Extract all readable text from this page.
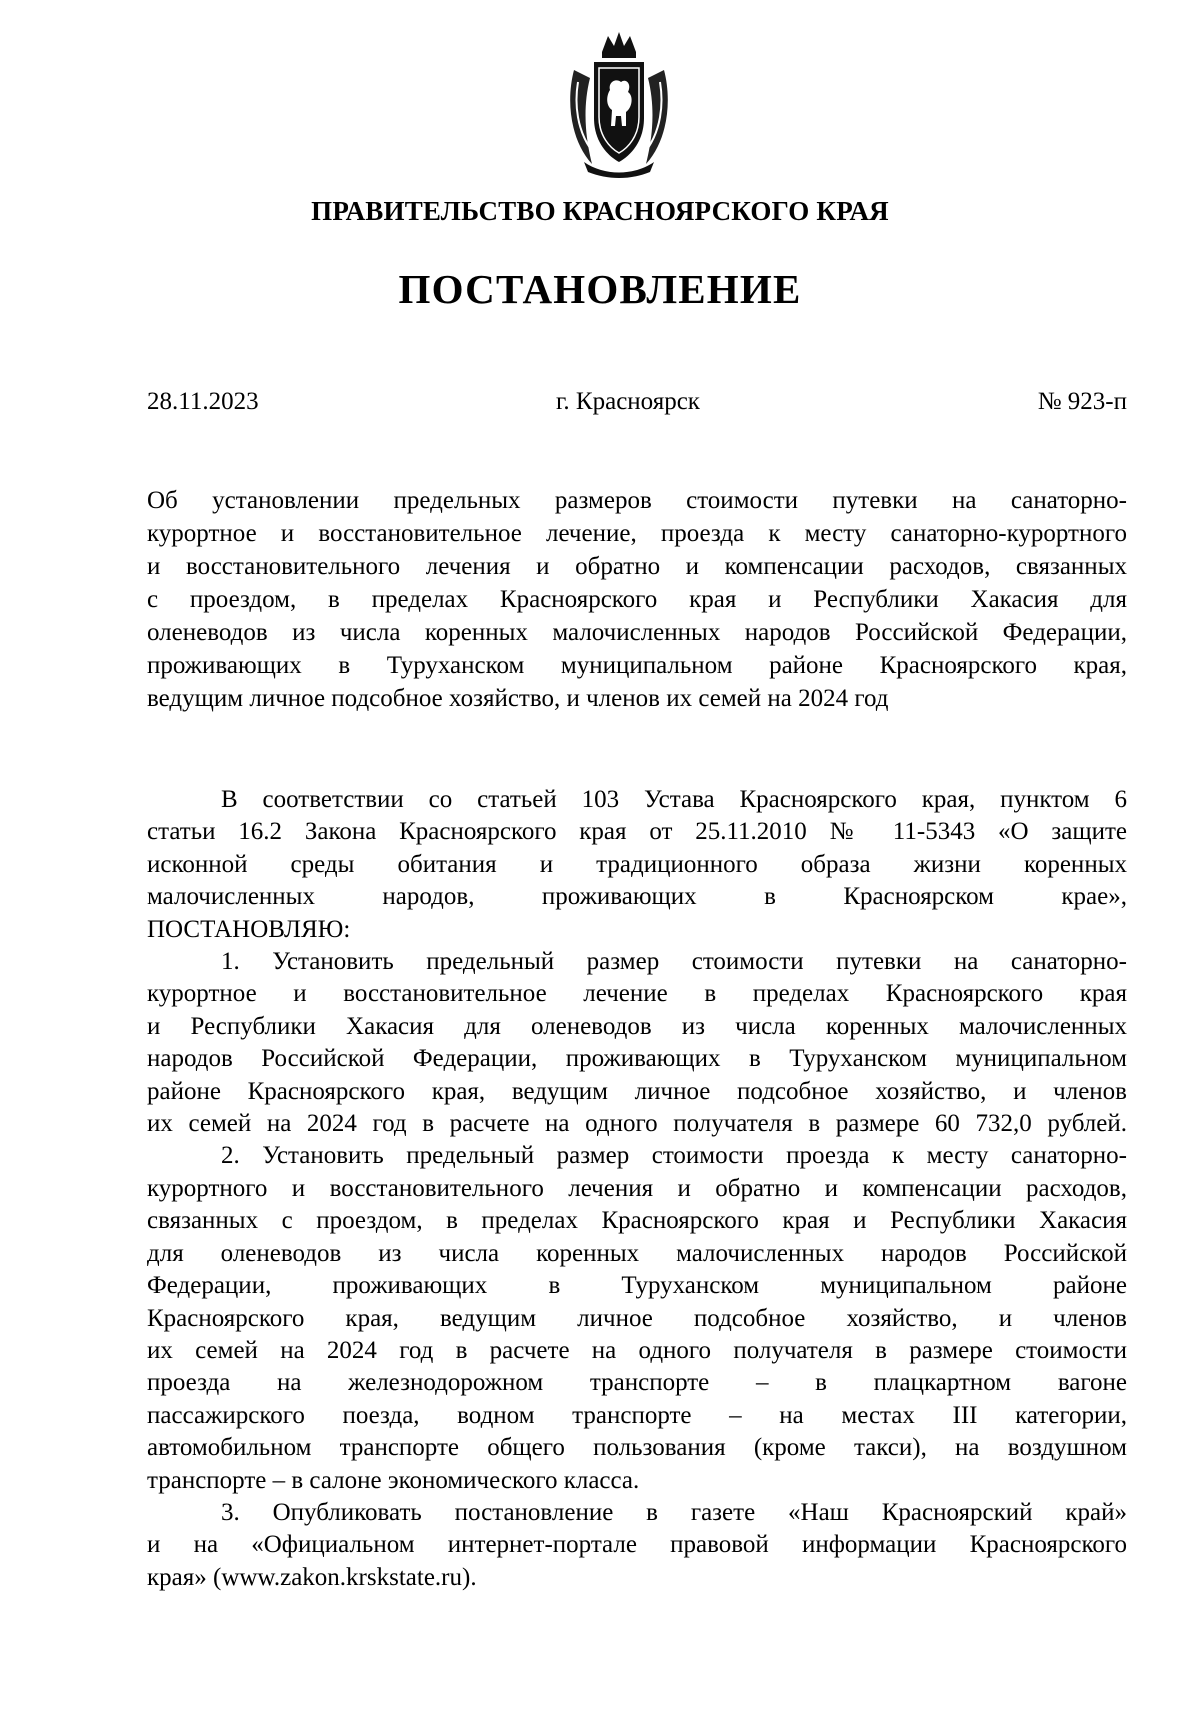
ПРАВИТЕЛЬСТВО КРАСНОЯРСКОГО КРАЯ
ПОСТАНОВЛЕНИЕ
28.11.2023	г. Красноярск	№ 923-п
Об установлении предельных размеров стоимости путевки на санаторно-
курортное и восстановительное лечение, проезда к месту санаторно-курортного
и восстановительного лечения и обратно и компенсации расходов, связанных
с проездом, в пределах Красноярского края и Республики Хакасия для
оленеводов из числа коренных малочисленных народов Российской Федерации,
проживающих в Туруханском муниципальном районе Красноярского края,
ведущим личное подсобное хозяйство, и членов их семей на 2024 год
В соответствии со статьей 103 Устава Красноярского края, пунктом 6
статьи 16.2 Закона Красноярского края от 25.11.2010 № 11-5343 «О защите
исконной среды обитания и традиционного образа жизни коренных
малочисленных народов, проживающих в Красноярском крае»,
ПОСТАНОВЛЯЮ:
1. Установить предельный размер стоимости путевки на санаторно-
курортное и восстановительное лечение в пределах Красноярского края
и Республики Хакасия для оленеводов из числа коренных малочисленных
народов Российской Федерации, проживающих в Туруханском муниципальном
районе Красноярского края, ведущим личное подсобное хозяйство, и членов
их семей на 2024 год в расчете на одного получателя в размере 60 732,0 рублей.
2. Установить предельный размер стоимости проезда к месту санаторно-
курортного и восстановительного лечения и обратно и компенсации расходов,
связанных с проездом, в пределах Красноярского края и Республики Хакасия
для оленеводов из числа коренных малочисленных народов Российской
Федерации, проживающих в Туруханском муниципальном районе
Красноярского края, ведущим личное подсобное хозяйство, и членов
их семей на 2024 год в расчете на одного получателя в размере стоимости
проезда на железнодорожном транспорте – в плацкартном вагоне
пассажирского поезда, водном транспорте – на местах III категории,
автомобильном транспорте общего пользования (кроме такси), на воздушном
транспорте – в салоне экономического класса.
3. Опубликовать постановление в газете «Наш Красноярский край»
и на «Официальном интернет-портале правовой информации Красноярского
края» (www.zakon.krskstate.ru).
